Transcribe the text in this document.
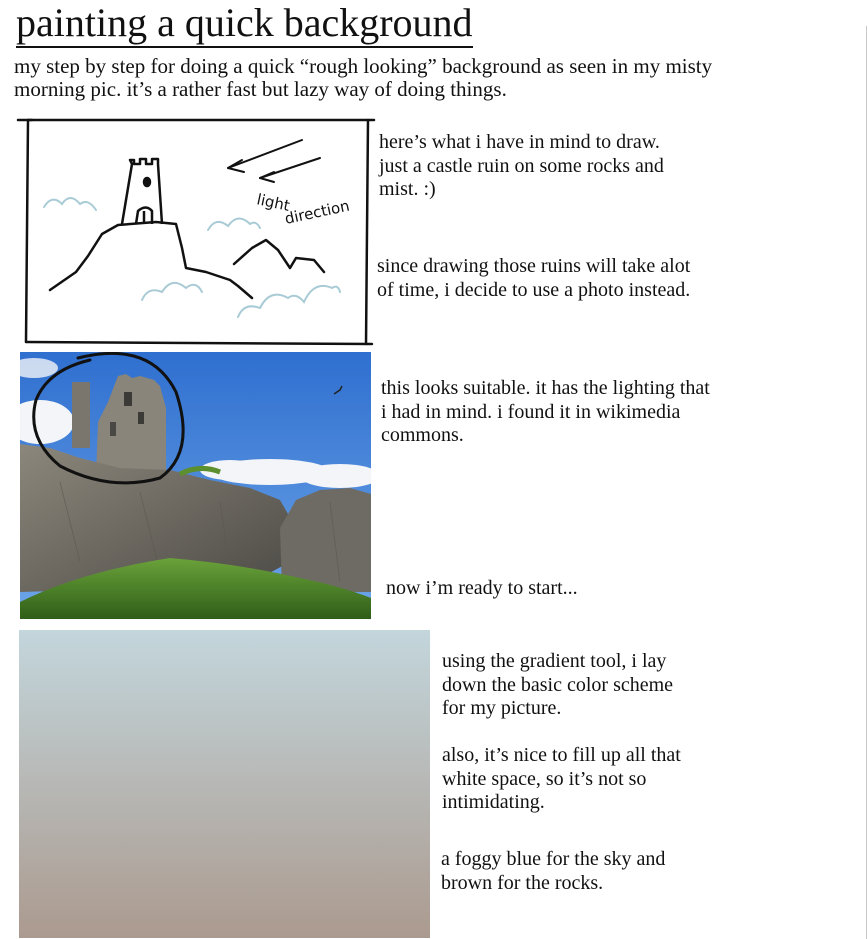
painting a quick background
my step by step for doing a quick “rough looking” background as seen in my misty morning pic. it’s a rather fast but lazy way of doing things.
light
direction
here’s what i have in mind to draw.
just a castle ruin on some rocks and
mist. :)
since drawing those ruins will take alot
of time, i decide to use a photo instead.
this looks suitable. it has the lighting that
i had in mind. i found it in wikimedia
commons.
now i’m ready to start...
using the gradient tool, i lay
down the basic color scheme
for my picture.
also, it’s nice to fill up all that
white space, so it’s not so
intimidating.
a foggy blue for the sky and
brown for the rocks.
